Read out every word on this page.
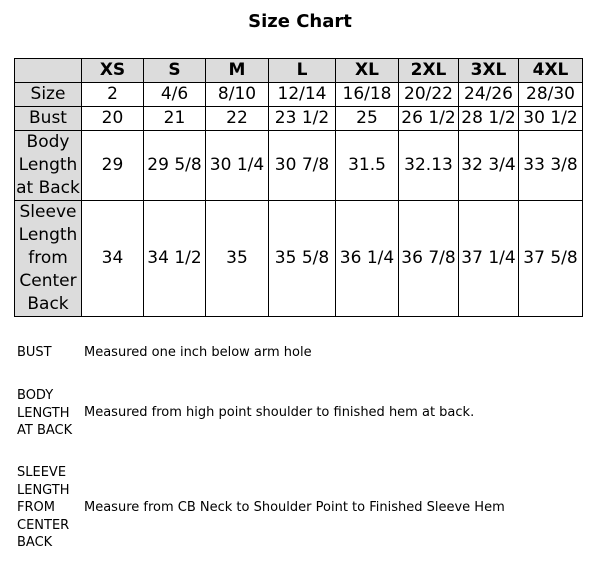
Size Chart
	XS	S	M	L	XL	2XL	3XL	4XL
Size	2	4/6	8/10	12/14	16/18	20/22	24/26	28/30
Bust	20	21	22	23 1/2	25	26 1/2	28 1/2	30 1/2
Body
Length
at Back	29	29 5/8	30 1/4	30 7/8	31.5	32.13	32 3/4	33 3/8
Sleeve
Length
from
Center
Back	34	34 1/2	35	35 5/8	36 1/4	36 7/8	37 1/4	37 5/8
BUST	Measured one inch below arm hole
BODY
LENGTH
AT BACK
Measured from high point shoulder to finished hem at back.
SLEEVE
LENGTH
FROM
CENTER
BACK
Measure from CB Neck to Shoulder Point to Finished Sleeve Hem
